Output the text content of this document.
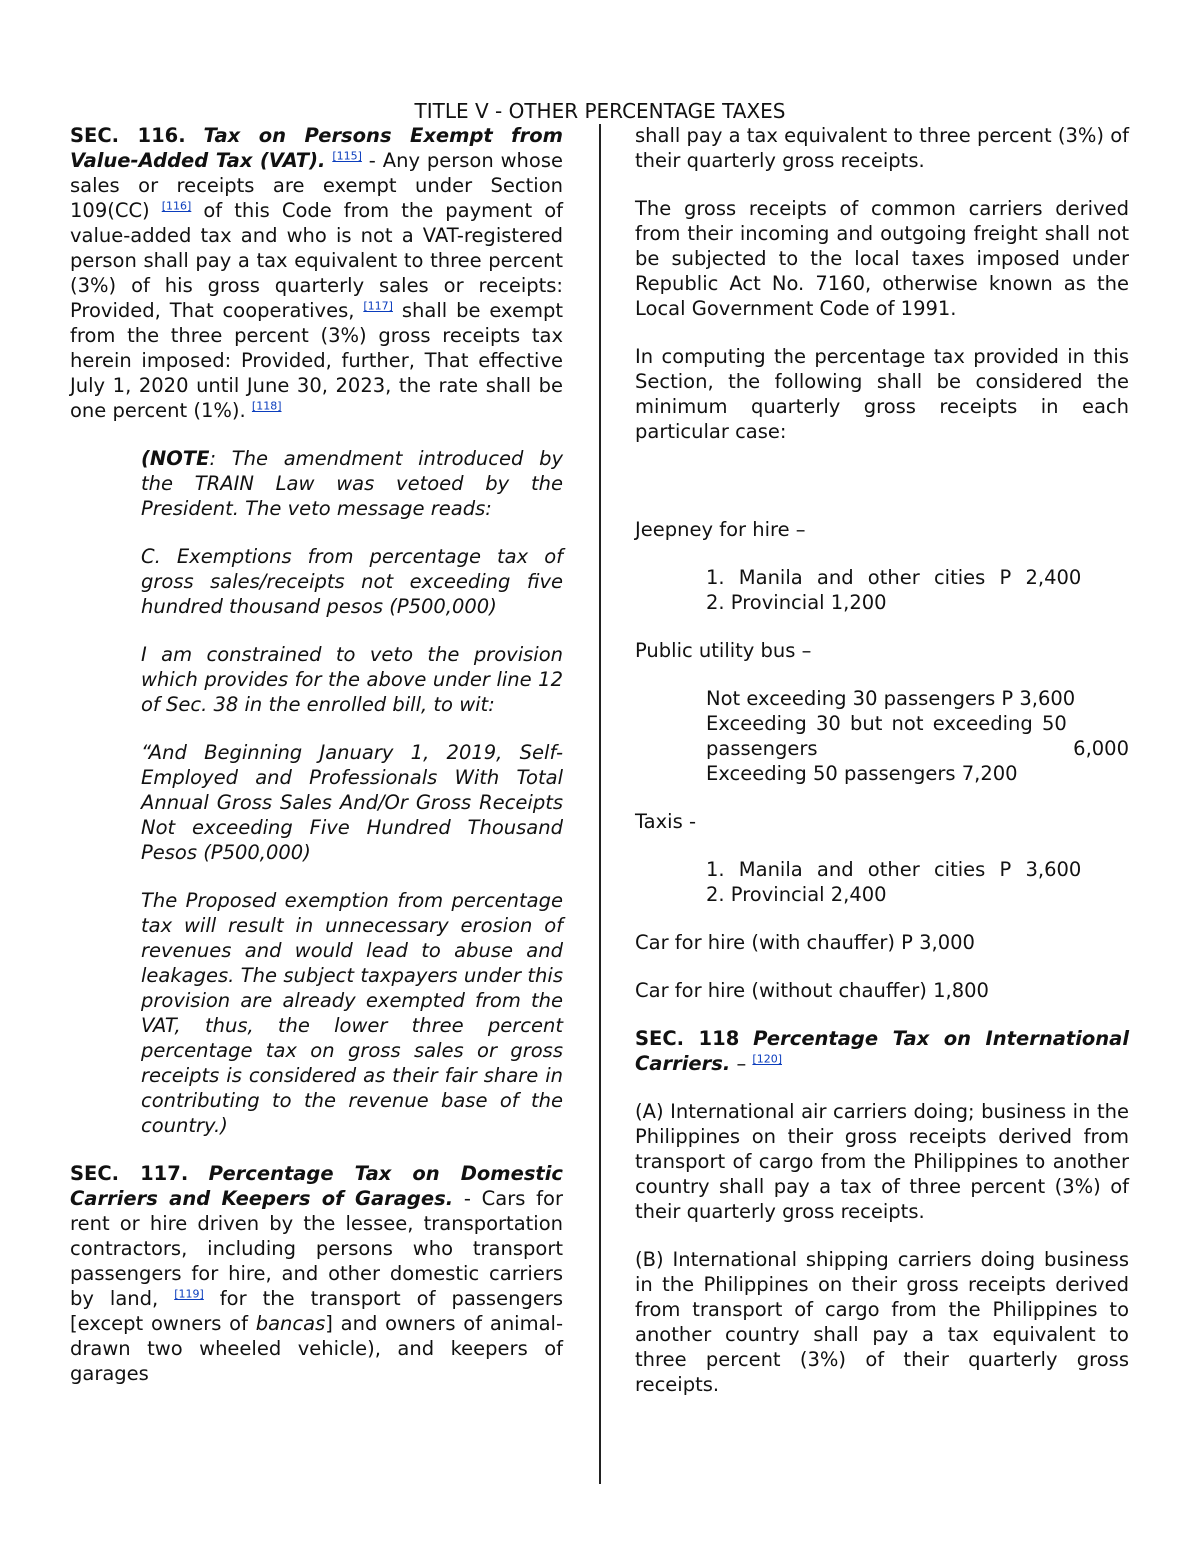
TITLE V - OTHER PERCENTAGE TAXES

SEC. 116. Tax on Persons Exempt from Value-Added Tax (VAT). [115] - Any person whose sales or receipts are exempt under Section 109(CC) [116] of this Code from the payment of value-added tax and who is not a VAT-registered person shall pay a tax equivalent to three percent (3%) of his gross quarterly sales or receipts: Provided, That cooperatives, [117] shall be exempt from the three percent (3%) gross receipts tax herein imposed: Provided, further, That effective July 1, 2020 until June 30, 2023, the rate shall be one percent (1%). [118]

(NOTE: The amendment introduced by the TRAIN Law was vetoed by the President. The veto message reads:

C. Exemptions from percentage tax of gross sales/receipts not exceeding five hundred thousand pesos (P500,000)

I am constrained to veto the provision which provides for the above under line 12 of Sec. 38 in the enrolled bill, to wit:

“And Beginning January 1, 2019, Self-Employed and Professionals With Total Annual Gross Sales And/Or Gross Receipts Not exceeding Five Hundred Thousand Pesos (P500,000)

The Proposed exemption from percentage tax will result in unnecessary erosion of revenues and would lead to abuse and leakages. The subject taxpayers under this provision are already exempted from the VAT, thus, the lower three percent percentage tax on gross sales or gross receipts is considered as their fair share in contributing to the revenue base of the country.)

SEC. 117. Percentage Tax on Domestic Carriers and Keepers of Garages. - Cars for rent or hire driven by the lessee, transportation contractors, including persons who transport passengers for hire, and other domestic carriers by land, [119] for the transport of passengers [except owners of bancas] and owners of animal-drawn two wheeled vehicle), and keepers of garages

shall pay a tax equivalent to three percent (3%) of their quarterly gross receipts.

The gross receipts of common carriers derived from their incoming and outgoing freight shall not be subjected to the local taxes imposed under Republic Act No. 7160, otherwise known as the Local Government Code of 1991.

In computing the percentage tax provided in this Section, the following shall be considered the minimum quarterly gross receipts in each particular case:

Jeepney for hire –

1. Manila and other cities P 2,400

2. Provincial 1,200

Public utility bus –

Not exceeding 30 passengers P 3,600

Exceeding 30 but not exceeding 50

passengers	6,000

Exceeding 50 passengers 7,200

Taxis -

1. Manila and other cities P 3,600

2. Provincial 2,400

Car for hire (with chauffer) P 3,000

Car for hire (without chauffer) 1,800

SEC. 118 Percentage Tax on International Carriers. – [120]

(A) International air carriers doing; business in the Philippines on their gross receipts derived from transport of cargo from the Philippines to another country shall pay a tax of three percent (3%) of their quarterly gross receipts.

(B) International shipping carriers doing business in the Philippines on their gross receipts derived from transport of cargo from the Philippines to another country shall pay a tax equivalent to three percent (3%) of their quarterly gross receipts.
